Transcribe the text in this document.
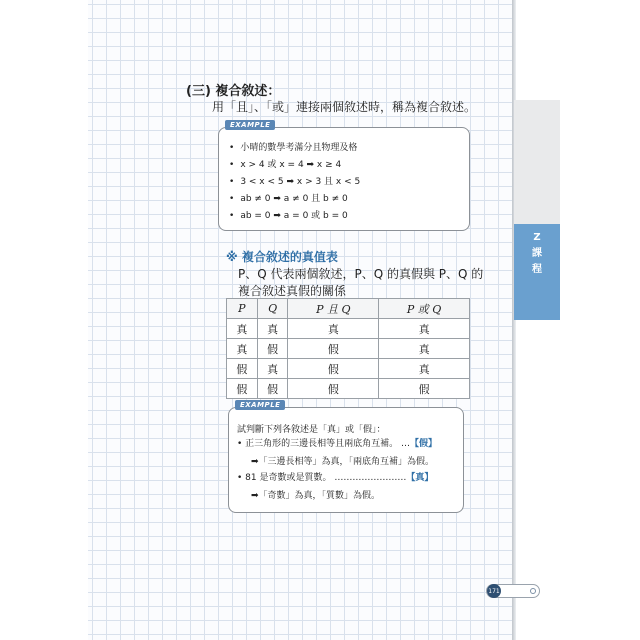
Z
課
程
(三) 複合敘述：
用「且」、「或」連接兩個敘述時，稱為複合敘述。
EXAMPLE
• 小晴的數學考滿分且物理及格
• x > 4 或 x = 4 ➡ x ≥ 4
• 3 < x < 5 ➡ x > 3 且 x < 5
• ab ≠ 0 ➡ a ≠ 0 且 b ≠ 0
• ab = 0 ➡ a = 0 或 b = 0
※ 複合敘述的真值表
P、Q 代表兩個敘述，P、Q 的真假與 P、Q 的複合敘述真假的關係
P	Q	P 且 Q	P 或 Q
真	真	真	真
真	假	假	真
假	真	假	真
假	假	假	假
EXAMPLE
試判斷下列各敘述是「真」或「假」：
• 正三角形的三邊長相等且兩底角互補。 …【假】
➡「三邊長相等」為真，「兩底角互補」為假。
• 81 是奇數或是質數。 ……………………【真】
➡「奇數」為真，「質數」為假。
171
